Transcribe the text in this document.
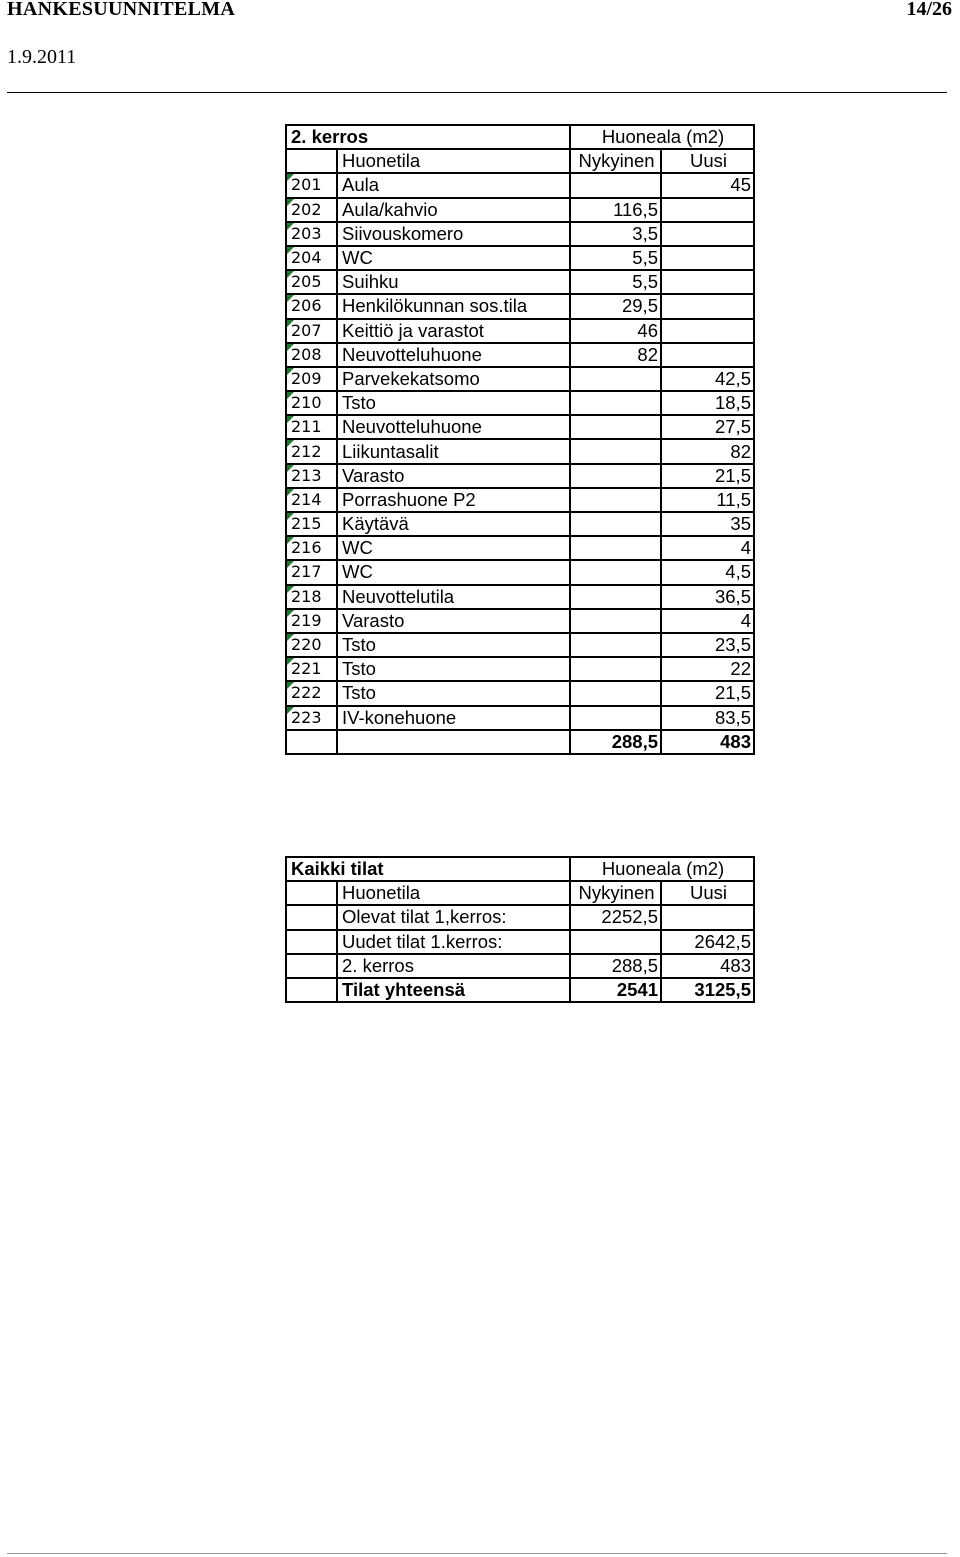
HANKESUUNNITELMA	14/26
1.9.2011
2. kerros		Huoneala (m2)	
	Huonetila	Nykyinen	Uusi
201	Aula		45
202	Aula/kahvio	116,5	
203	Siivouskomero	3,5	
204	WC	5,5	
205	Suihku	5,5	
206	Henkilökunnan sos.tila	29,5	
207	Keittiö ja varastot	46	
208	Neuvotteluhuone	82	
209	Parvekekatsomo		42,5
210	Tsto		18,5
211	Neuvotteluhuone		27,5
212	Liikuntasalit		82
213	Varasto		21,5
214	Porrashuone P2		11,5
215	Käytävä		35
216	WC		4
217	WC		4,5
218	Neuvottelutila		36,5
219	Varasto		4
220	Tsto		23,5
221	Tsto		22
222	Tsto		21,5
223	IV-konehuone		83,5
		288,5	483
Kaikki tilat		Huoneala (m2)	
	Huonetila	Nykyinen	Uusi
	Olevat tilat 1,kerros:	2252,5	
	Uudet tilat 1.kerros:		2642,5
	2. kerros	288,5	483
	Tilat yhteensä	2541	3125,5
